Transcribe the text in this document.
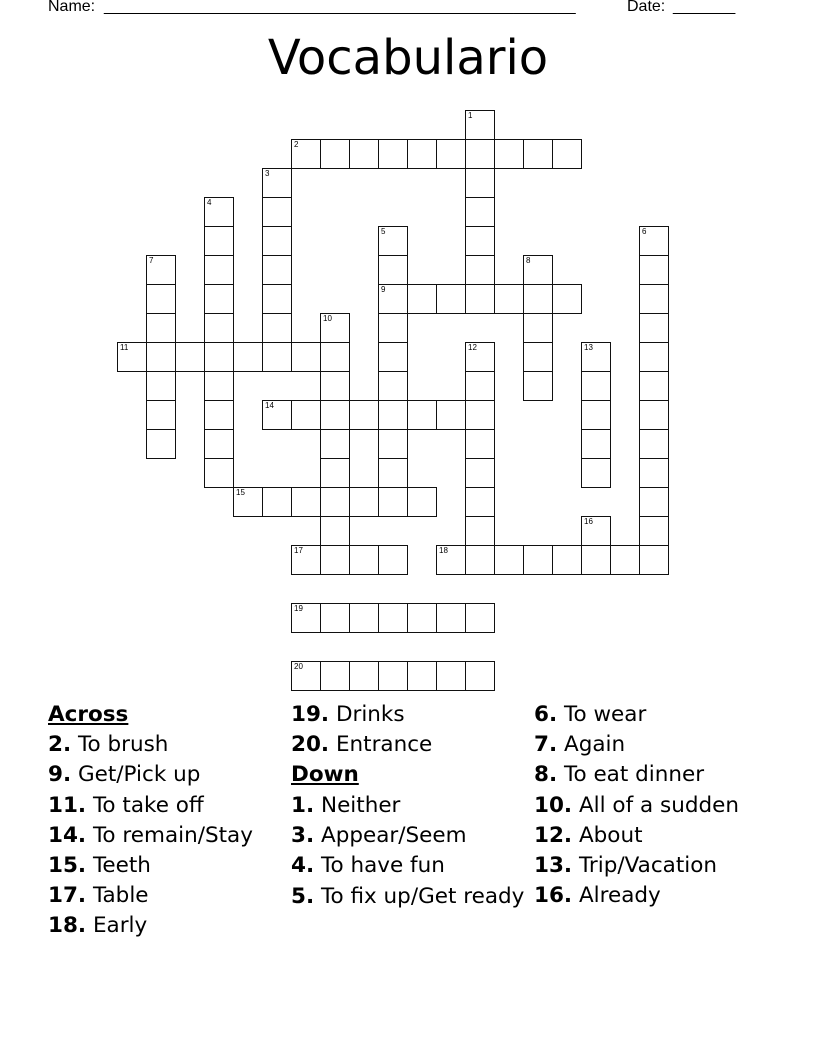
Name: _____________________________________________________	Date: _______
Vocabulario
1
2
3
4
5
9
6
7	8
10
11	12	13
14
15
16
17	18
19
20
Across
2. To brush
9. Get/Pick up
11. To take off
14. To remain/Stay
15. Teeth
17. Table
18. Early
19. Drinks
20. Entrance
Down
1. Neither
3. Appear/Seem
4. To have fun
5. To fix up/Get ready
6. To wear
7. Again
8. To eat dinner
10. All of a sudden
12. About
13. Trip/Vacation
16. Already
